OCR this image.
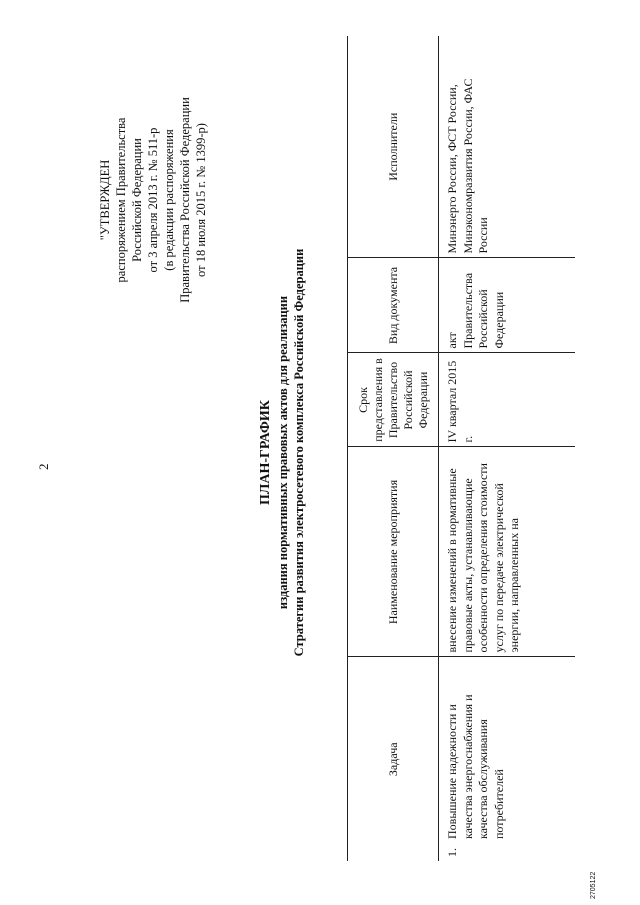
2
"УТВЕРЖДЕН распоряжением Правительства Российской Федерации от 3 апреля 2013 г. № 511-р (в редакции распоряжения Правительства Российской Федерации от 18 июля 2015 г. № 1399-р)
ПЛАН-ГРАФИК издания нормативных правовых актов для реализации Стратегии развития электросетевого комплекса Российской Федерации
Задача	Наименование мероприятия	Срок представления в Правительство Российской Федерации	Вид документа	Исполнители

1.
Повышение надежности и качества энергоснабжения и качества обслуживания потребителей	внесение изменений в нормативные правовые акты, устанавливающие особенности определения стоимости услуг по передаче электрической энергии, направленных на	IV квартал 2015 г.	акт Правительства Российской Федерации	Минэнерго России, ФСТ России, Минэкономразвития России, ФАС России
2705122
